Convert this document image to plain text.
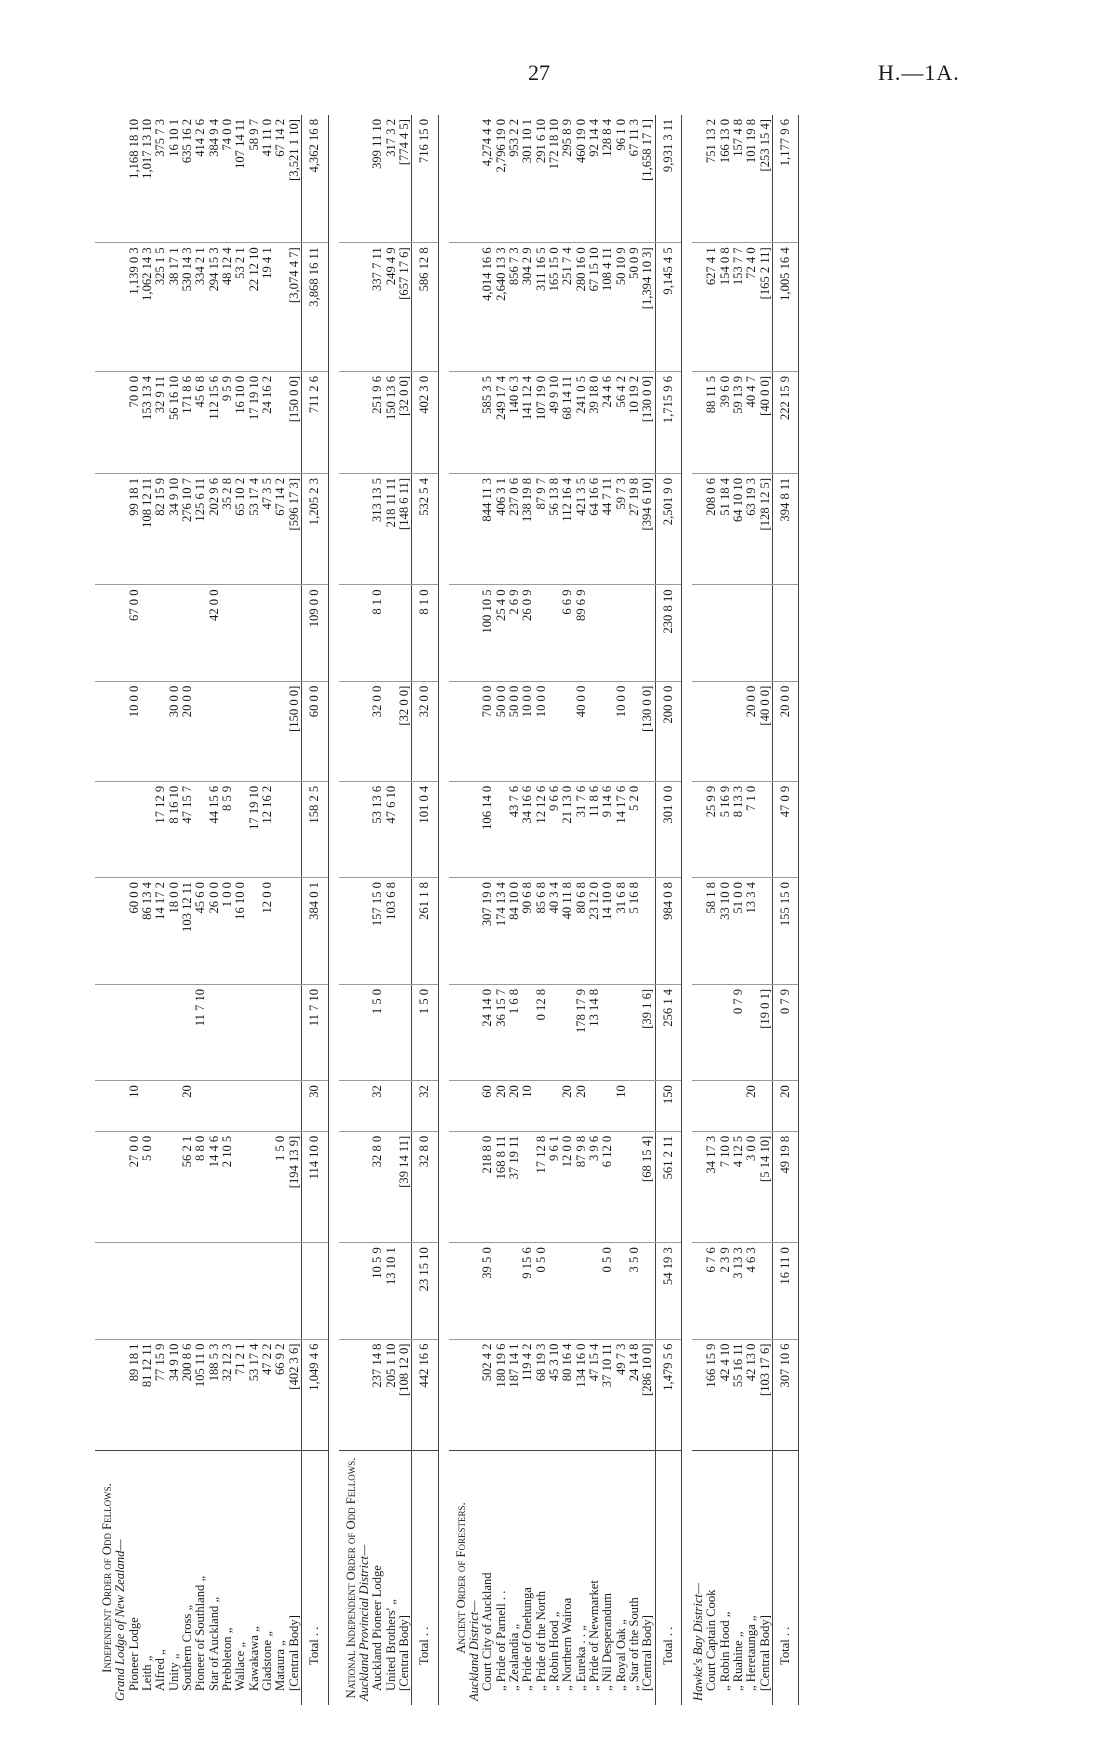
27	H.—1A.
Independent Order of Odd Fellows.													
Grand Lodge of New Zealand—													
Pioneer Lodge	89 18 1		27 0 0	10		60 0 0		10 0 0	67 0 0	99 18 1	70 0 0	1,139 0 3	1,168 18 10
Leith „	81 12 11		5 0 0			86 13 4				108 12 11	153 13 4	1,062 14 3	1,017 13 10
Alfred „	77 15 9					14 17 2	17 12 9			82 15 9	32 9 11	325 1 5	375 7 3
Unity „	34 9 10					18 0 0	8 16 10	30 0 0		34 9 10	56 16 10	38 17 1	16 10 1
Southern Cross „	200 8 6		56 2 1	20		103 12 11	47 15 7	20 0 0		276 10 7	171 8 6	530 14 3	635 16 2
Pioneer of Southland „	105 11 0		8 8 0		11 7 10	45 6 0				125 6 11	45 6 8	334 2 1	414 2 6
Star of Auckland „	188 5 3		14 4 6			26 0 0	44 15 6		42 0 0	202 9 6	112 15 6	294 15 3	384 9 4
Prebbleton „	32 12 3		2 10 5			1 0 0	8 5 9			35 2 8	9 5 9	48 12 4	74 0 0
Wallace „	71 2 1					16 10 0				65 10 2	16 10 0	53 2 1	107 14 11
Kawakawa „	53 17 4						17 19 10			53 17 4	17 19 10	22 12 10	58 9 7
Gladstone „	47 2 2					12 0 0	12 16 2			47 3 5	24 16 2	19 4 1	41 11 0
Mataura „	66 9 2		1 5 0							67 14 2			67 14 2
[Central Body]	[402 3 6]		[194 13 9]					[150 0 0]		[596 17 3]	[150 0 0]	[3,074 4 7]	[3,521 1 10]
Total . .	1,049 4 6		114 10 0	30	11 7 10	384 0 1	158 2 5	60 0 0	109 0 0	1,205 2 3	711 2 6	3,868 16 11	4,362 16 8

National Independent Order of Odd Fellows.													
Auckland Provincial District—													
Auckland Pioneer Lodge	237 14 8	10 5 9	32 8 0	32	1 5 0	157 15 0	53 13 6	32 0 0	8 1 0	313 13 5	251 9 6	337 7 11	399 11 10
United Brothers' „	205 1 10	13 10 1				103 6 8	47 6 10			218 11 11	150 13 6	249 4 9	317 3 2
[Central Body]	[108 12 0]		[39 14 11]					[32 0 0]		[148 6 11]	[32 0 0]	[657 17 6]	[774 4 5]
Total . .	442 16 6	23 15 10	32 8 0	32	1 5 0	261 1 8	101 0 4	32 0 0	8 1 0	532 5 4	402 3 0	586 12 8	716 15 0

Ancient Order of Foresters.													
Auckland District—													
Court City of Auckland	502 4 2	39 5 0	218 8 0	60	24 14 0	307 19 0	106 14 0	70 0 0	100 10 5	844 11 3	585 3 5	4,014 16 6	4,274 4 4
„ Pride of Parnell . .	180 19 6		168 8 11	20	36 15 7	174 13 4		50 0 0	25 4 0	406 3 1	249 17 4	2,640 13 3	2,796 19 0
„ Zealandia „	187 14 1		37 19 11	20	1 6 8	84 10 0	43 7 6	50 0 0	2 6 9	237 0 6	140 6 3	856 7 3	953 2 2
„ Pride of Onehunga	119 4 2	9 15 6		10		90 6 8	34 16 6	10 0 0	26 0 9	138 19 8	141 12 4	304 2 9	301 10 1
„ Pride of the North	68 19 3	0 5 0	17 12 8		0 12 8	85 6 8	12 12 6	10 0 0		87 9 7	107 19 0	311 16 5	291 6 10
„ Robin Hood „	45 3 10		9 6 1			40 3 4	9 6 6			56 13 8	49 9 10	165 15 0	172 18 10
„ Northern Wairoa	80 16 4		12 0 0	20		40 11 8	21 13 0		6 6 9	112 16 4	68 14 11	251 7 4	295 8 9
„ Eureka . . „	134 16 0		87 9 8	20	178 17 9	80 6 8	31 7 6	40 0 0	89 6 9	421 3 5	241 0 5	280 16 0	460 19 0
„ Pride of Newmarket	47 15 4		3 9 6		13 14 8	23 12 0	11 8 6			64 16 6	39 18 0	67 15 10	92 14 4
„ Nil Desperandum	37 10 11	0 5 0	6 12 0			14 10 0	9 14 6			44 7 11	24 4 6	108 4 11	128 8 4
„ Royal Oak „	49 7 3			10		31 6 8	14 17 6	10 0 0		59 7 3	56 4 2	50 10 9	96 1 0
„ Star of the South	24 14 8	3 5 0				5 16 8	5 2 0			27 19 8	10 19 2	50 0 9	67 11 3
[Central Body]	[286 10 0]		[68 15 4]		[39 1 6]			[130 0 0]		[394 6 10]	[130 0 0]	[1,394 10 3]	[1,658 17 1]
Total . .	1,479 5 6	54 19 3	561 2 11	150	256 1 4	984 0 8	301 0 0	200 0 0	230 8 10	2,501 9 0	1,715 9 6	9,145 4 5	9,931 3 11

Hawke's Bay District—													
Court Captain Cook	166 15 9	6 7 6	34 17 3			58 1 8	25 9 9			208 0 6	88 11 5	627 4 1	751 13 2
„ Robin Hood „	42 4 10	2 3 9	7 10 0			33 10 0	5 16 9			51 18 4	39 6 0	154 0 8	166 13 0
„ Ruahine „	55 16 11	3 13 3	4 12 5		0 7 9	51 0 0	8 13 3			64 10 10	59 13 9	153 7 7	157 4 8
„ Heretaunga „	42 13 0	4 6 3	3 0 0	20		13 3 4	7 1 0	20 0 0		63 19 3	40 4 7	72 4 0	101 19 8
[Central Body]	[103 17 6]		[5 14 10]		[19 0 1]			[40 0 0]		[128 12 5]	[40 0 0]	[165 2 11]	[253 15 4]
Total . .	307 10 6	16 11 0	49 19 8	20	0 7 9	155 15 0	47 0 9	20 0 0		394 8 11	222 15 9	1,005 16 4	1,177 9 6
